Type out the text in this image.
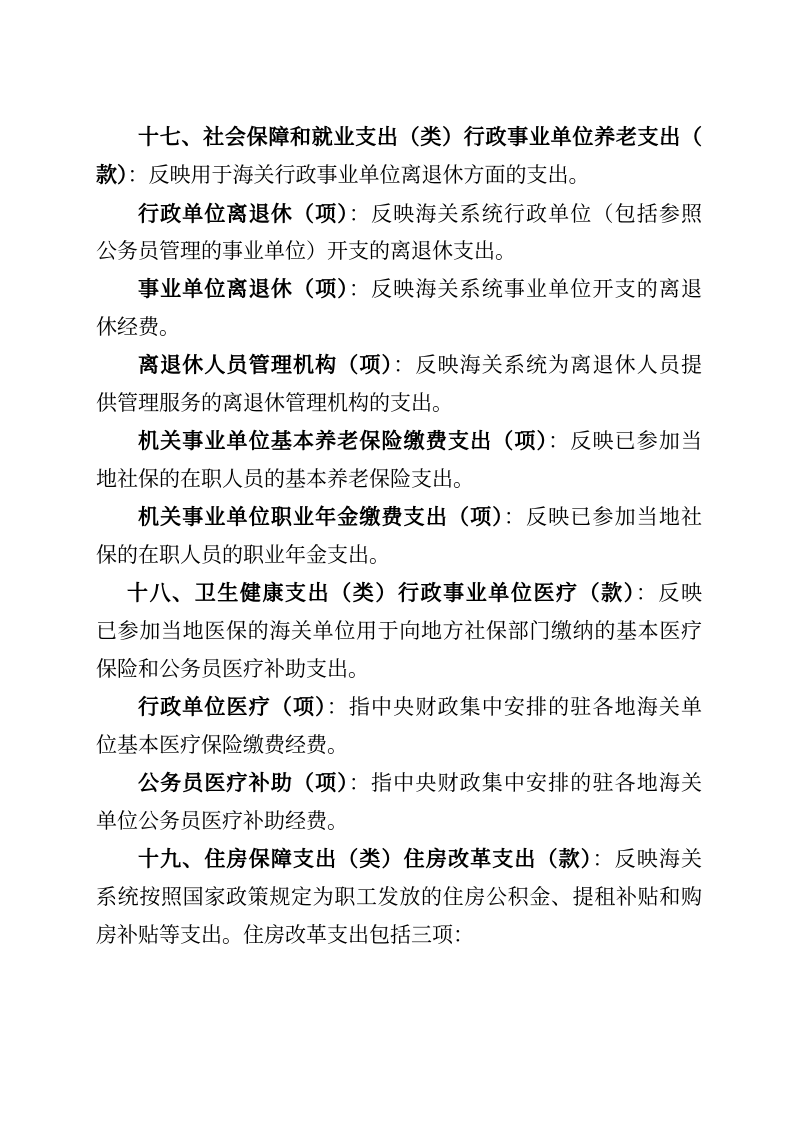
十七、社会保障和就业支出（类）行政事业单位养老支出（
款）：反映用于海关行政事业单位离退休方面的支出。
行政单位离退休（项）：反映海关系统行政单位（包括参照
公务员管理的事业单位）开支的离退休支出。
事业单位离退休（项）：反映海关系统事业单位开支的离退
休经费。
离退休人员管理机构（项）：反映海关系统为离退休人员提
供管理服务的离退休管理机构的支出。
机关事业单位基本养老保险缴费支出（项）：反映已参加当
地社保的在职人员的基本养老保险支出。
机关事业单位职业年金缴费支出（项）：反映已参加当地社
保的在职人员的职业年金支出。
十八、卫生健康支出（类）行政事业单位医疗（款）：反映
已参加当地医保的海关单位用于向地方社保部门缴纳的基本医疗
保险和公务员医疗补助支出。
行政单位医疗（项）：指中央财政集中安排的驻各地海关单
位基本医疗保险缴费经费。
公务员医疗补助（项）：指中央财政集中安排的驻各地海关
单位公务员医疗补助经费。
十九、住房保障支出（类）住房改革支出（款）：反映海关
系统按照国家政策规定为职工发放的住房公积金、提租补贴和购
房补贴等支出。住房改革支出包括三项：
